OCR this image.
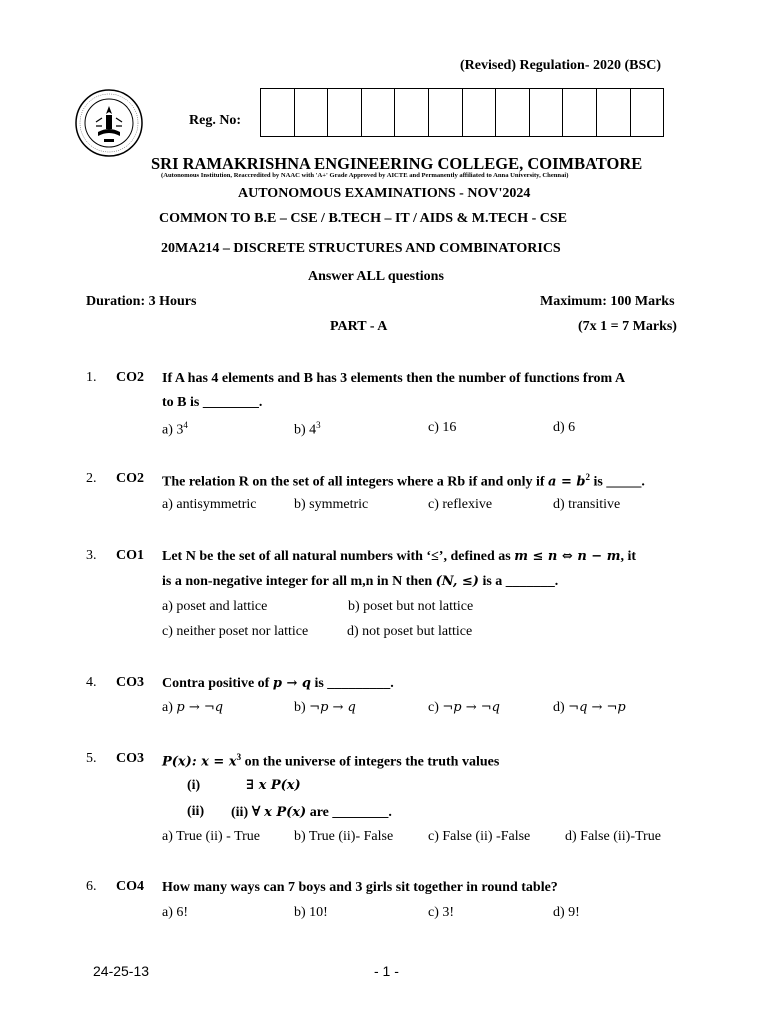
(Revised) Regulation- 2020 (BSC)
Reg. No:
SRI RAMAKRISHNA ENGINEERING COLLEGE, COIMBATORE
(Autonomous Institution, Reaccredited by NAAC with 'A+' Grade Approved by AICTE and Permanently affiliated to Anna University, Chennai)
AUTONOMOUS EXAMINATIONS - NOV'2024
COMMON TO B.E – CSE / B.TECH – IT / AIDS & M.TECH - CSE
20MA214 – DISCRETE STRUCTURES AND COMBINATORICS
Answer ALL questions
Duration: 3 Hours	Maximum: 100 Marks
PART - A	(7x 1 = 7 Marks)
1. CO2 If A has 4 elements and B has 3 elements then the number of functions from A
to B is ________.
a) $3^4$	b) $4^3$	c) 16	d) 6
2. CO2 The relation R on the set of all integers where a Rb if and only if $a = b^2$ is _____.
a) antisymmetric	b) symmetric	c) reflexive	d) transitive
3. CO1 Let N be the set of all natural numbers with ‘≤’, defined as m ≤ n ⇔ n − m, it
is a non-negative integer for all m,n in N then (N, ≤) is a _______.
a) poset and lattice	b) poset but not lattice
c) neither poset nor lattice	d) not poset but lattice
4. CO3 Contra positive of p → q is _________.
a) p → ¬q	b) ¬p → q	c) ¬p → ¬q	d) ¬q → ¬p
5. CO3 P(x): $x = x^3$ on the universe of integers the truth values
(i)	∃ x P(x)
(ii) (ii) ∀ x P(x) are ________.
a) True (ii) - True b) True (ii)- False c) False (ii) -False d) False (ii)-True
6. CO4 How many ways can 7 boys and 3 girls sit together in round table?
a) 6!	b) 10!	c) 3!	d) 9!
24-25-13	- 1 -
